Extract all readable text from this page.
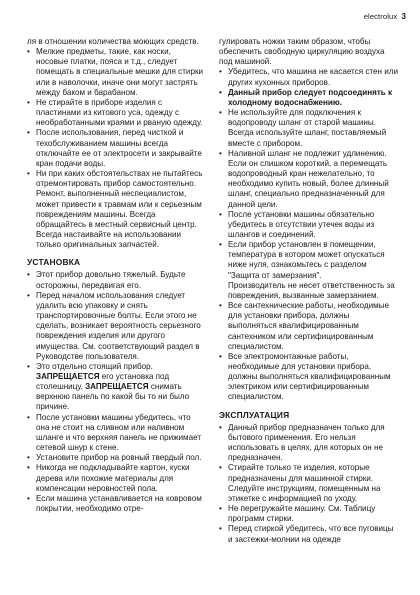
electrolux 3
ля в отношении количества моющих средств.
• Мелкие предметы, такие, как носки, носовые платки, пояса и т.д., следует помещать в специальные мешки для стирки или в наволочки, иначе они могут застрять между баком и барабаном.
• Не стирайте в приборе изделия с пластинами из китового уса, одежду с необработанными краями и рваную одежду.
• После использования, перед чисткой и техобслуживанием машины всегда отключайте ее от электросети и закрывайте кран подачи воды.
• Ни при каких обстоятельствах не пытайтесь отремонтировать прибор самостоятельно. Ремонт, выполненный неспециалистом, может привести к травмам или к серьезным повреждениям машины. Всегда обращайтесь в местный сервисный центр. Всегда настаивайте на использовании только оригинальных запчастей.
УСТАНОВКА
• Этот прибор довольно тяжелый. Будьте осторожны, передвигая его.
• Перед началом использования следует удалить всю упаковку и снять транспортировочные болты. Если этого не сделать, возникает вероятность серьезного повреждения изделия или другого имущества. См. соответствующий раздел в Руководстве пользователя.
• Это отдельно стоящий прибор. ЗАПРЕЩАЕТСЯ его установка под столешницу, ЗАПРЕЩАЕТСЯ снимать верхнюю панель по какой бы то ни было причине.
• После установки машины убедитесь, что она не стоит на сливном или наливном шланге и что верхняя панель не прижимает сетевой шнур к стене.
• Установите прибор на ровный твердый пол.
• Никогда не подкладывайте картон, куски дерева или похожие материалы для компенсации неровностей пола.
• Если машина устанавливается на ковровом покрытии, необходимо отре-
гулировать ножки таким образом, чтобы обеспечить свободную циркуляцию воздуха под машиной.
• Убедитесь, что машина не касается стен или других кухонных приборов.
• Данный прибор следует подсоединять к холодному водоснабжению.
• Не используйте для подключения к водопроводу шланг от старой машины. Всегда используйте шланг, поставляемый вместе с прибором.
• Наливной шланг не подлежит удлинению. Если он слишком короткий, а перемещать водопроводный кран нежелательно, то необходимо купить новый, более длинный шланг, специально предназначенный для данной цели.
• После установки машины обязательно убедитесь в отсутствии утечек воды из шлангов и соединений.
• Если прибор установлен в помещении, температура в котором может опускаться ниже нуля, ознакомьтесь с разделом "Защита от замерзания".
Производитель не несет ответственность за повреждения, вызванные замерзанием.
• Все сантехнические работы, необходимые для установки прибора, должны выполняться квалифицированным сантехником или сертифицированным специалистом.
• Все электромонтажные работы, необходимые для установки прибора, должны выполняться квалифицированным электриком или сертифицированным специалистом.
ЭКСПЛУАТАЦИЯ
• Данный прибор предназначен только для бытового применения. Его нельзя использовать в целях, для которых он не предназначен.
• Стирайте только те изделия, которые предназначены для машинной стирки. Следуйте инструкциям, помещенным на этикетке с информацией по уходу.
• Не перегружайте машину. См. Таблицу программ стирки.
• Перед стиркой убедитесь, что все пуговицы и застежки-молнии на одежде
